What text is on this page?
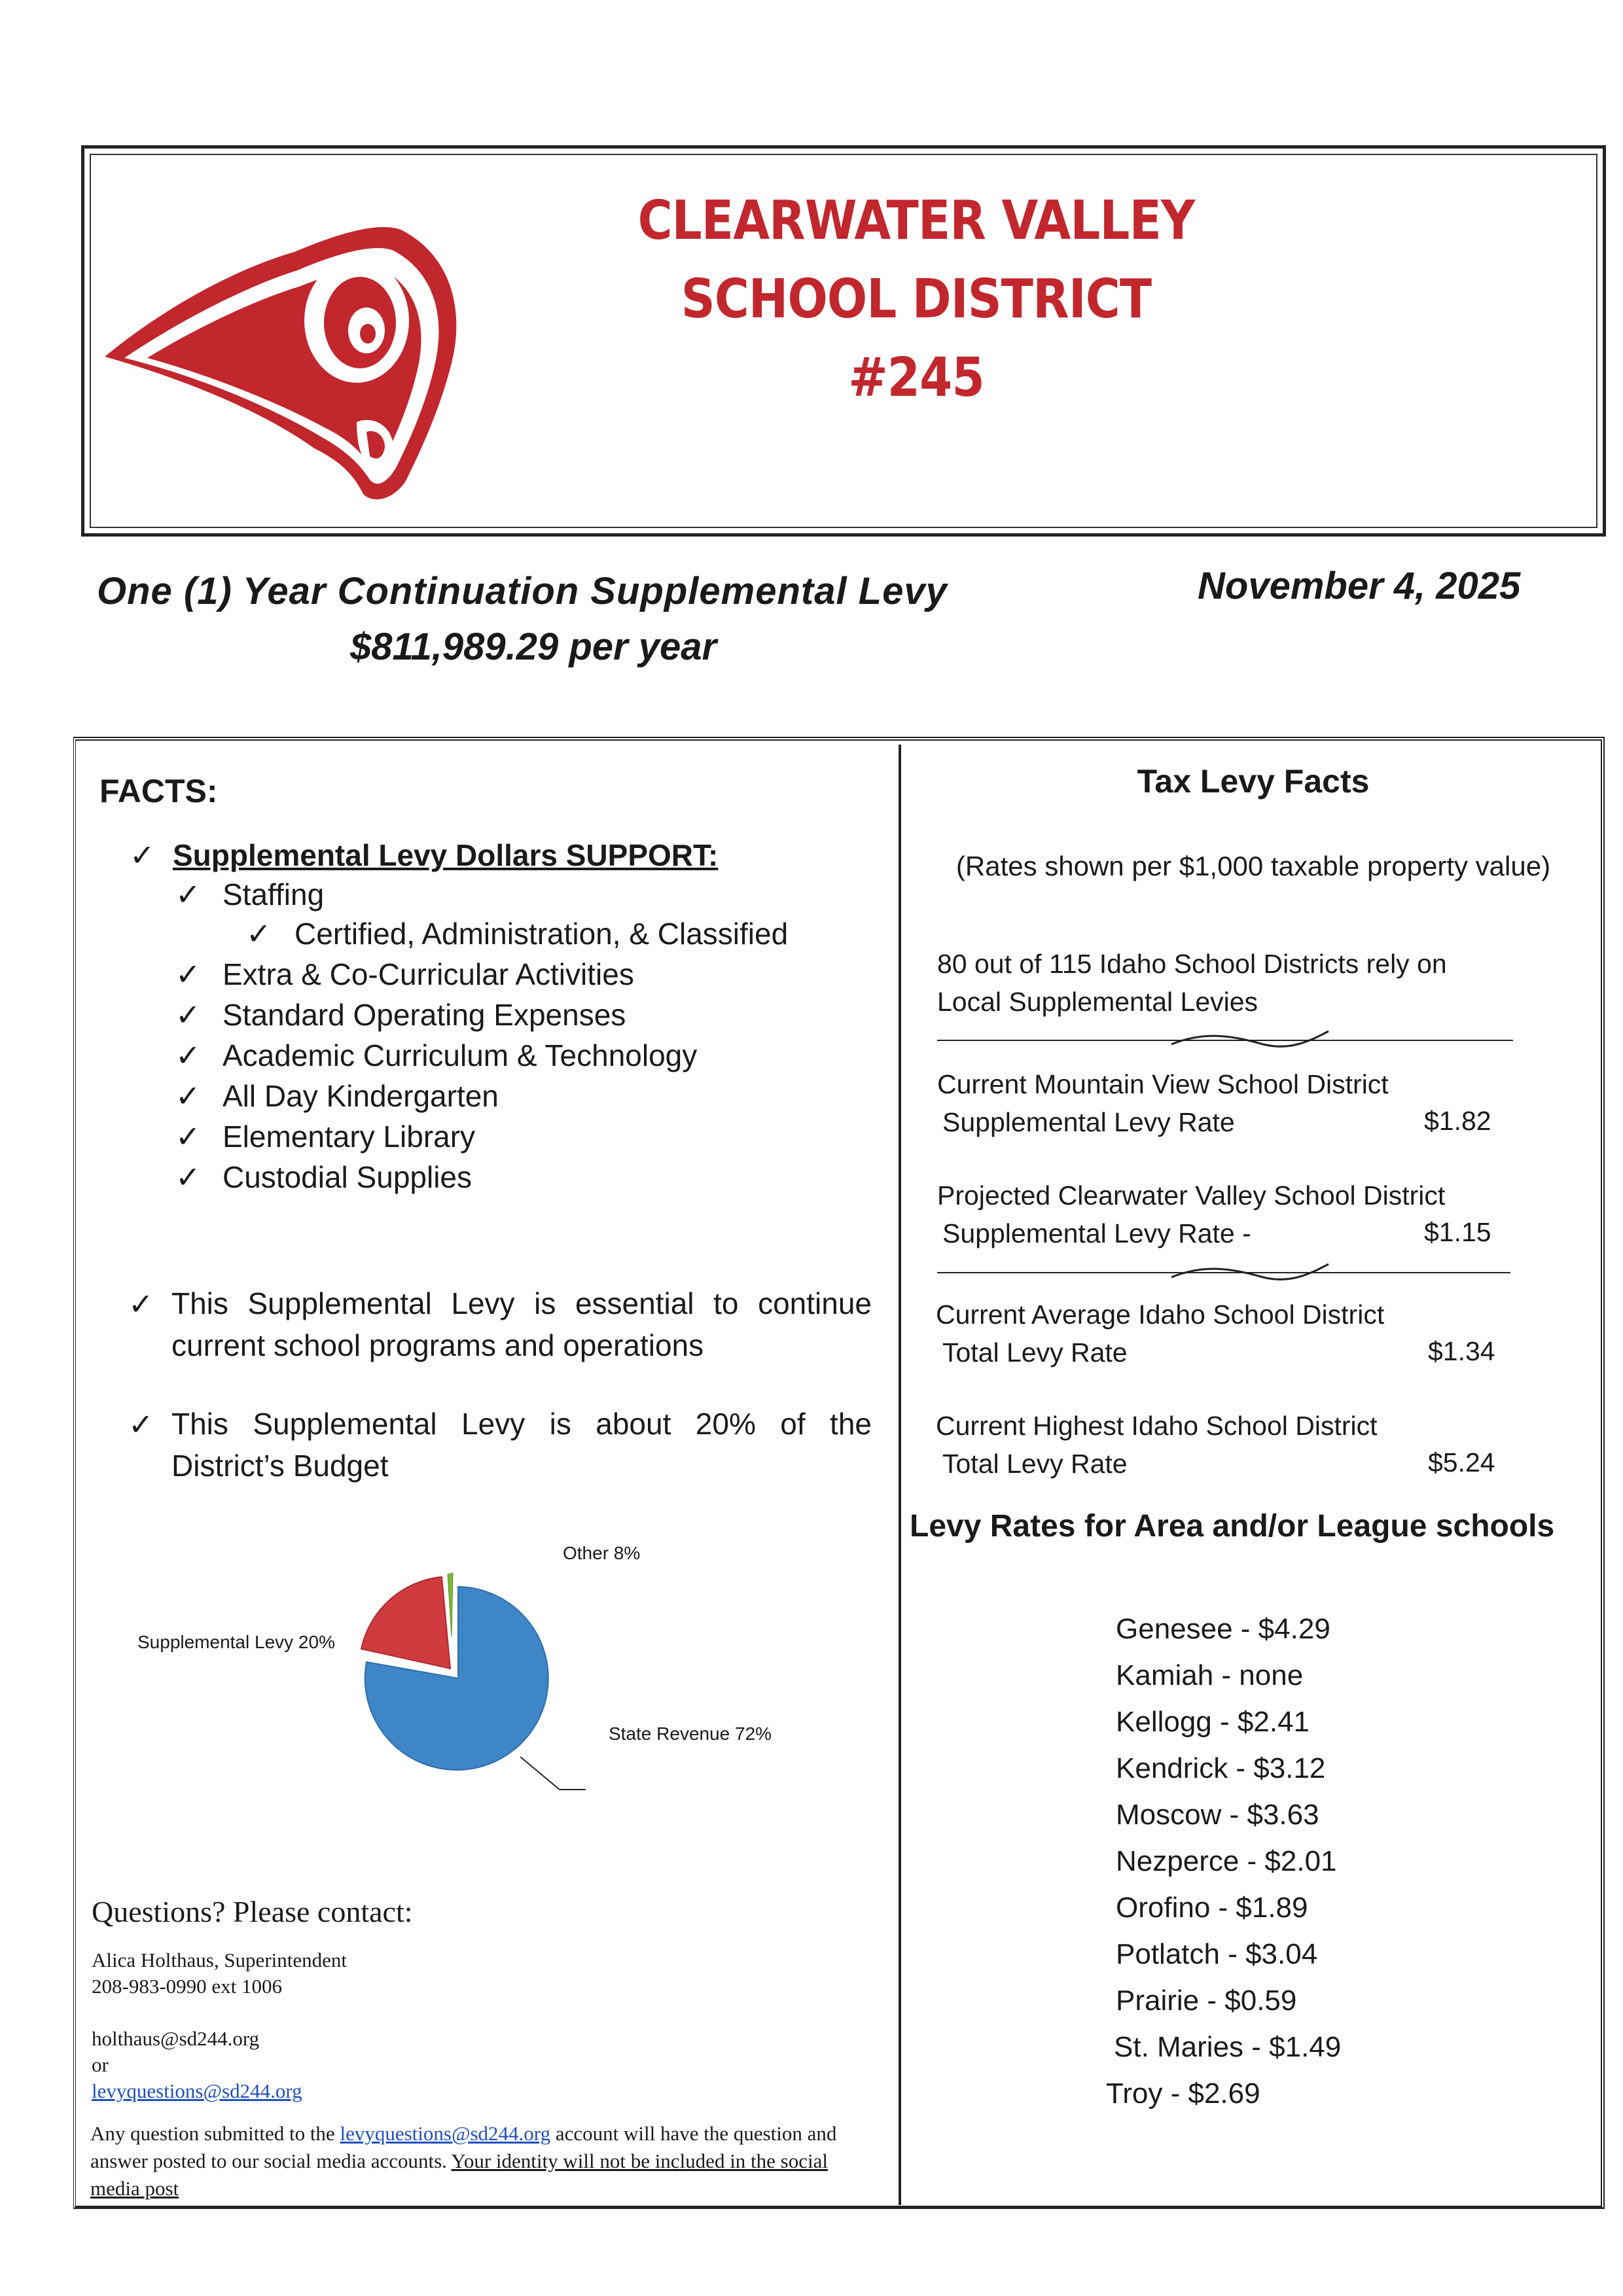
CLEARWATER VALLEY
SCHOOL DISTRICT
#245
One (1) Year Continuation Supplemental Levy
$811,989.29 per year
November 4, 2025
FACTS:
✓ Supplemental Levy Dollars SUPPORT:
✓ Staffing
✓ Certified, Administration, & Classified
✓ Extra & Co-Curricular Activities
✓ Standard Operating Expenses
✓ Academic Curriculum & Technology
✓ All Day Kindergarten
✓ Elementary Library
✓ Custodial Supplies
✓ This Supplemental Levy is essential to continue current school programs and operations
✓ This Supplemental Levy is about 20% of the District’s Budget
Other 8%
Supplemental Levy 20%
State Revenue 72%
Questions? Please contact:
Alica Holthaus, Superintendent
208-983-0990 ext 1006
holthaus@sd244.org
or
levyquestions@sd244.org
Any question submitted to the levyquestions@sd244.org account will have the question and answer posted to our social media accounts. Your identity will not be included in the social media post
Tax Levy Facts
(Rates shown per $1,000 taxable property value)
80 out of 115 Idaho School Districts rely on
Local Supplemental Levies
Current Mountain View School District
Supplemental Levy Rate	$1.82
Projected Clearwater Valley School District
Supplemental Levy Rate -	$1.15
Current Average Idaho School District
Total Levy Rate	$1.34
Current Highest Idaho School District
Total Levy Rate	$5.24
Levy Rates for Area and/or League schools
Genesee - $4.29
Kamiah - none
Kellogg - $2.41
Kendrick - $3.12
Moscow - $3.63
Nezperce - $2.01
Orofino - $1.89
Potlatch - $3.04
Prairie - $0.59
St. Maries - $1.49
Troy - $2.69
